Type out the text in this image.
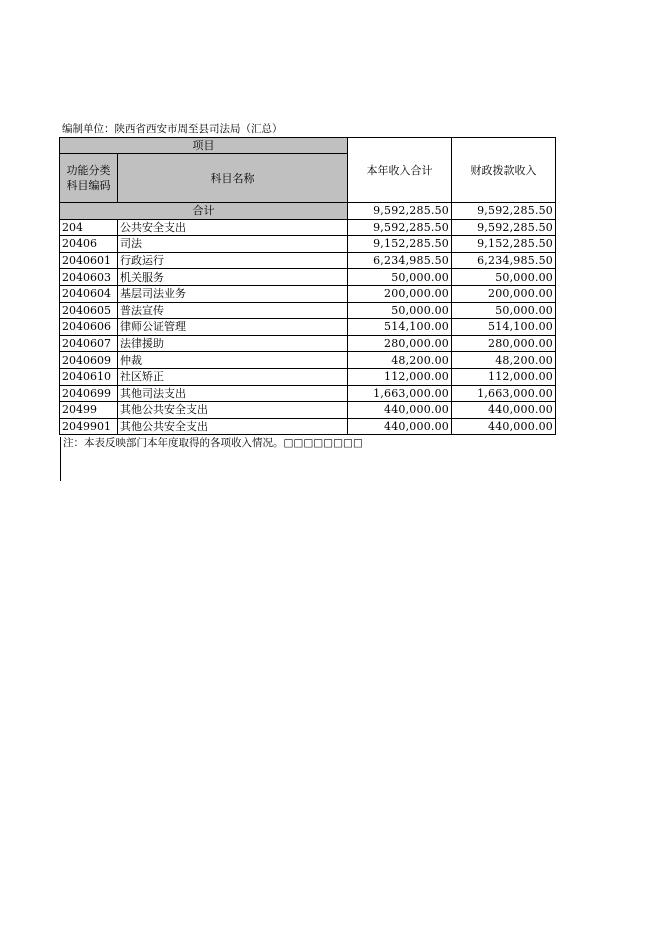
编制单位：陕西省西安市周至县司法局（汇总）
项目		本年收入合计	财政拨款收入
功能分类
科目编码	科目名称		
合计		9,592,285.50	9,592,285.50
204	公共安全支出	9,592,285.50	9,592,285.50
20406	司法	9,152,285.50	9,152,285.50
2040601	行政运行	6,234,985.50	6,234,985.50
2040603	机关服务	50,000.00	50,000.00
2040604	基层司法业务	200,000.00	200,000.00
2040605	普法宣传	50,000.00	50,000.00
2040606	律师公证管理	514,100.00	514,100.00
2040607	法律援助	280,000.00	280,000.00
2040609	仲裁	48,200.00	48,200.00
2040610	社区矫正	112,000.00	112,000.00
2040699	其他司法支出	1,663,000.00	1,663,000.00
20499	其他公共安全支出	440,000.00	440,000.00
2049901	其他公共安全支出	440,000.00	440,000.00
注：本表反映部门本年度取得的各项收入情况。□□□□□□□□
